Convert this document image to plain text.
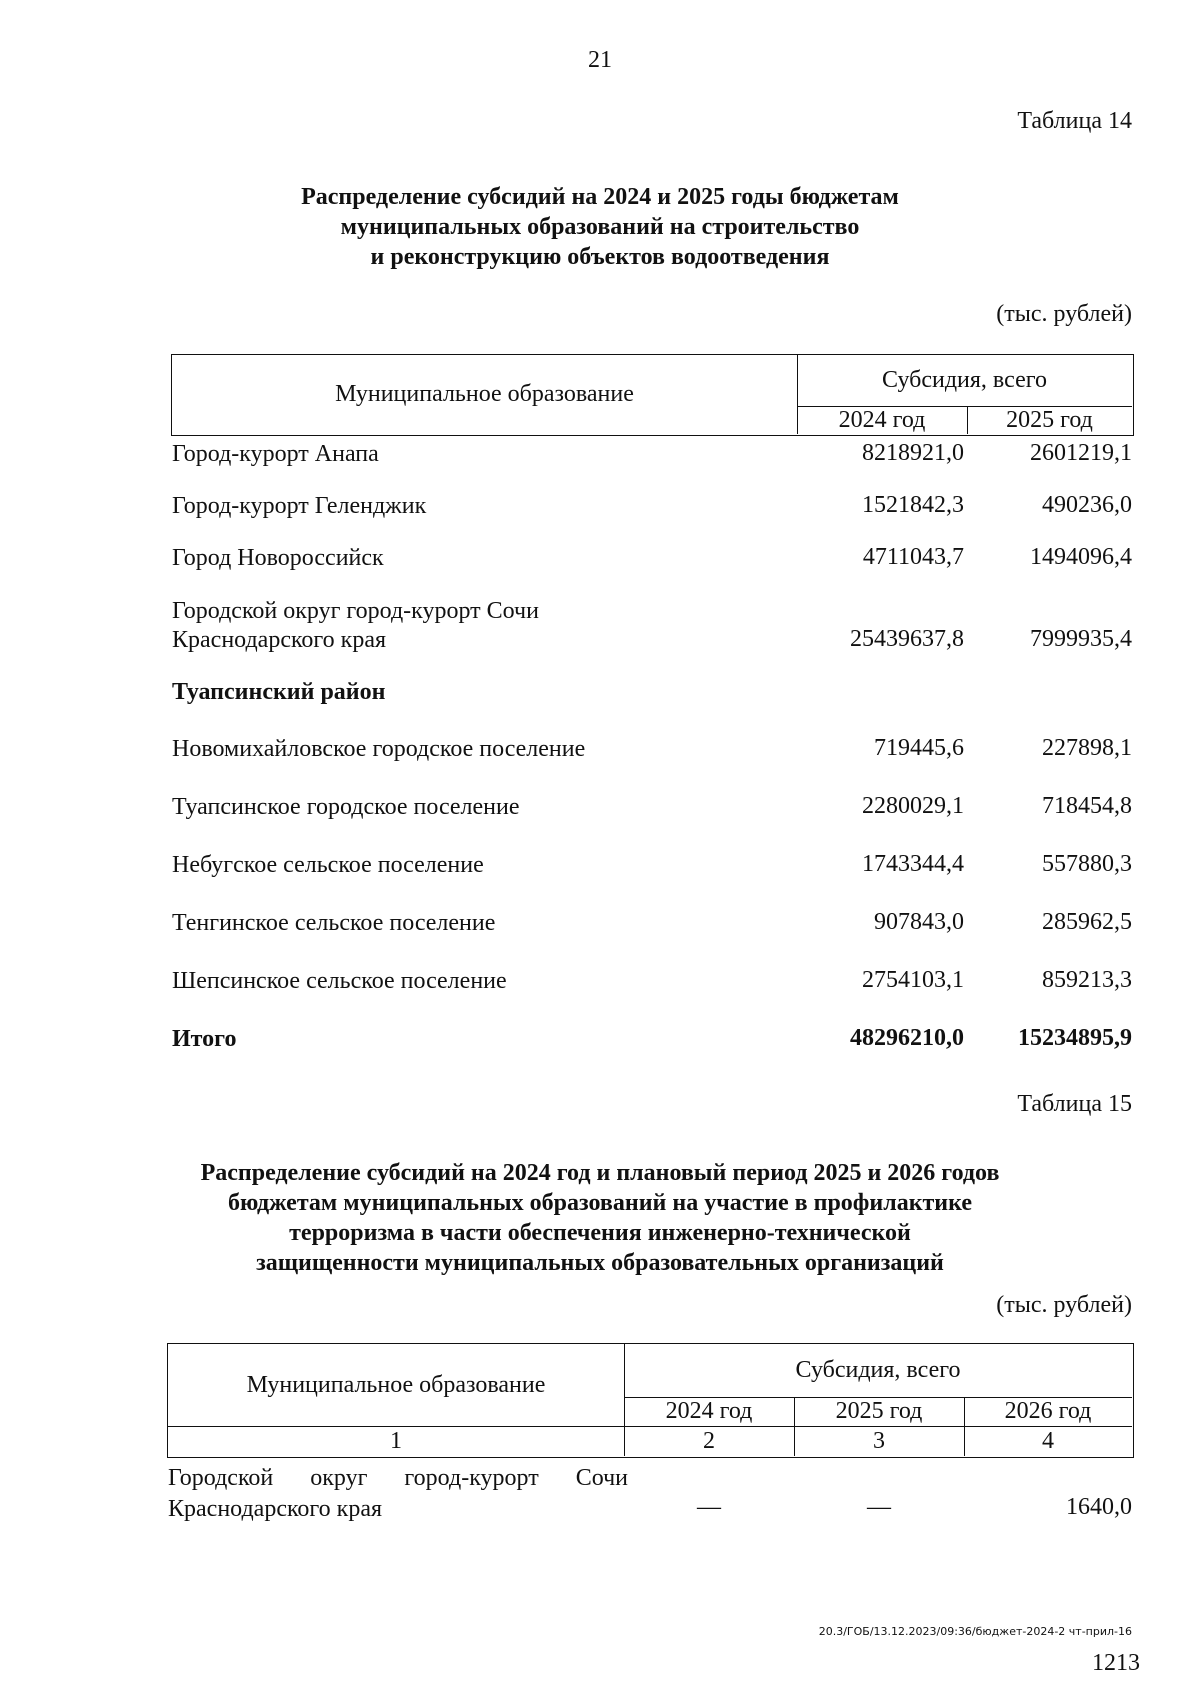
21
Таблица 14
Распределение субсидий на 2024 и 2025 годы бюджетам
муниципальных образований на строительство
и реконструкцию объектов водоотведения
(тыс. рублей)
Муниципальное образование
Субсидия, всего
2024 год	2025 год
Город-курорт Анапа	8218921,0	2601219,1
Город-курорт Геленджик	1521842,3	490236,0
Город Новороссийск	4711043,7	1494096,4
Городской округ город-курорт Сочи
Краснодарского края	25439637,8	7999935,4
Туапсинский район
Новомихайловское городское поселение	719445,6	227898,1
Туапсинское городское поселение	2280029,1	718454,8
Небугское сельское поселение	1743344,4	557880,3
Тенгинское сельское поселение	907843,0	285962,5
Шепсинское сельское поселение	2754103,1	859213,3
Итого	48296210,0 15234895,9
Таблица 15
Распределение субсидий на 2024 год и плановый период 2025 и 2026 годов
бюджетам муниципальных образований на участие в профилактике
терроризма в части обеспечения инженерно-технической
защищенности муниципальных образовательных организаций
(тыс. рублей)
Муниципальное образование
Субсидия, всего
2024 год	2025 год	2026 год
1	2	3	4
Городской округ город-курорт Сочи
Краснодарского края	—	—	1640,0
20.3/ГОБ/13.12.2023/09:36/бюджет-2024-2 чт-прил-16
1213
